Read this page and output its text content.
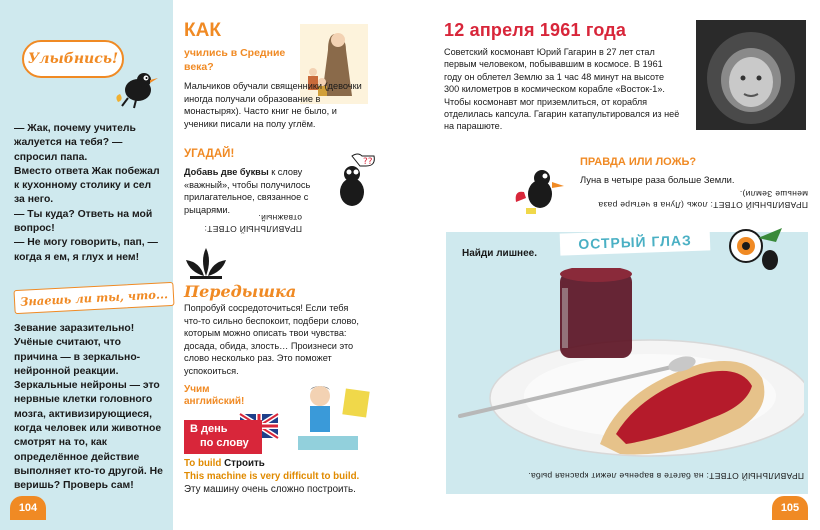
Улыбнись!

— Жак, почему учитель жалуется на тебя? — спросил папа.

Вместо ответа Жак побежал к кухонному столику и сел за него.

— Ты куда? Ответь на мой вопрос!

— Не могу говорить, пап, — когда я ем, я глух и нем!

Знаешь ли ты, что...
Зевание заразительно! Учёные считают, что причина — в зеркально-нейронной реакции. Зеркальные нейроны — это нервные клетки головного мозга, активизирующиеся, когда человек или животное смотрят на то, как определённое действие выполняет кто-то другой. Не веришь? Проверь сам!
104
КАК
учились в Средние века?
Мальчиков обучали священники (девочки иногда получали образование в монастырях). Часто книг не было, и ученики писали на полу углём.
УГАДАЙ!
Добавь две буквы к слову «важный», чтобы получилось прилагательное, связанное с рыцарями.
??
ПРАВИЛЬНЫЙ ОТВЕТ: отважный.
Передышка
Попробуй сосредоточиться! Если тебя что-то сильно беспокоит, подбери слово, которым можно описать твои чувства: досада, обида, злость… Произнеси это слово несколько раз. Это поможет успокоиться.
Учим английский!
В день
по слову
To build Строить
This machine is very difficult to build.
Эту машину очень сложно построить.
105
12 апреля 1961 года
Советский космонавт Юрий Гагарин в 27 лет стал первым человеком, побывавшим в космосе. В 1961 году он облетел Землю за 1 час 48 минут на высоте 300 километров в космическом корабле «Восток-1». Чтобы космонавт мог приземлиться, от корабля отделилась капсула. Гагарин катапультировался из неё на парашюте.
ПРАВДА ИЛИ ЛОЖЬ?
Луна в четыре раза больше Земли.
ПРАВИЛЬНЫЙ ОТВЕТ: ложь (Луна в четыре раза меньше Земли).
ОСТРЫЙ ГЛАЗ
Найди лишнее.
ПРАВИЛЬНЫЙ ОТВЕТ: на багете в варенье лежит красная рыба.
